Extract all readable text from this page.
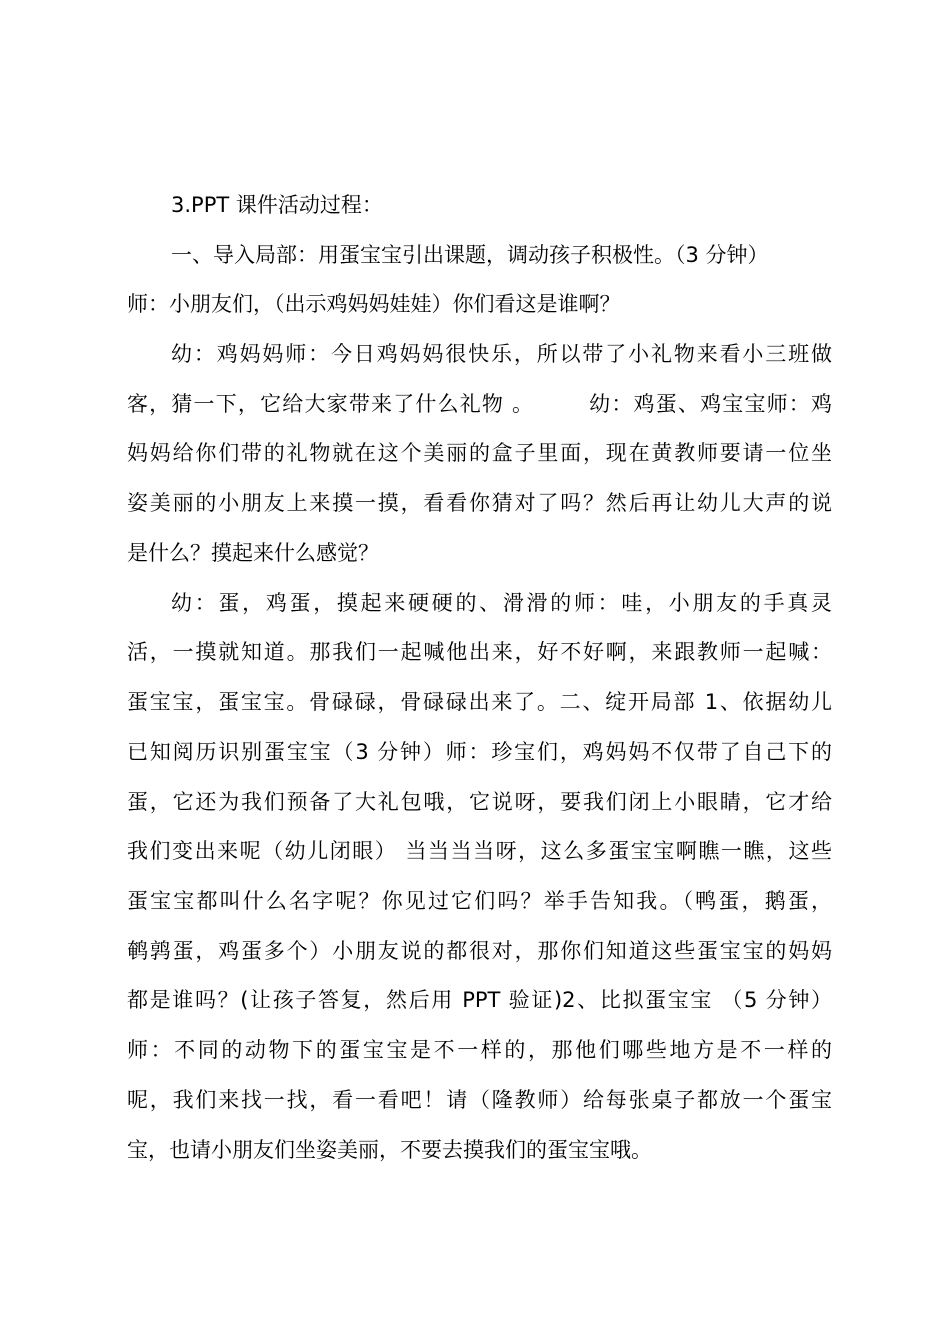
3.PPT 课件活动过程：
一、导入局部：用蛋宝宝引出课题，调动孩子积极性。（3 分钟）
师：小朋友们，（出示鸡妈妈娃娃）你们看这是谁啊？
幼：鸡妈妈师：今日鸡妈妈很快乐，所以带了小礼物来看小三班做
客，猜一下，它给大家带来了什么礼物 。       幼：鸡蛋、鸡宝宝师：鸡
妈妈给你们带的礼物就在这个美丽的盒子里面，现在黄教师要请一位坐
姿美丽的小朋友上来摸一摸，看看你猜对了吗？然后再让幼儿大声的说
是什么？摸起来什么感觉？
幼：蛋，鸡蛋，摸起来硬硬的、滑滑的师：哇，小朋友的手真灵
活，一摸就知道。那我们一起喊他出来，好不好啊，来跟教师一起喊：
蛋宝宝，蛋宝宝。骨碌碌，骨碌碌出来了。二、绽开局部 1、依据幼儿
已知阅历识别蛋宝宝（3 分钟）师：珍宝们，鸡妈妈不仅带了自己下的
蛋，它还为我们预备了大礼包哦，它说呀，要我们闭上小眼睛，它才给
我们变出来呢（幼儿闭眼） 当当当当呀，这么多蛋宝宝啊瞧一瞧，这些
蛋宝宝都叫什么名字呢？你见过它们吗？举手告知我。（鸭蛋，鹅蛋，
鹌鹑蛋，鸡蛋多个）小朋友说的都很对，那你们知道这些蛋宝宝的妈妈
都是谁吗？(让孩子答复，然后用 PPT 验证)2、比拟蛋宝宝 （5 分钟）
师：不同的动物下的蛋宝宝是不一样的，那他们哪些地方是不一样的
呢，我们来找一找，看一看吧！请（隆教师）给每张桌子都放一个蛋宝
宝，也请小朋友们坐姿美丽，不要去摸我们的蛋宝宝哦。
